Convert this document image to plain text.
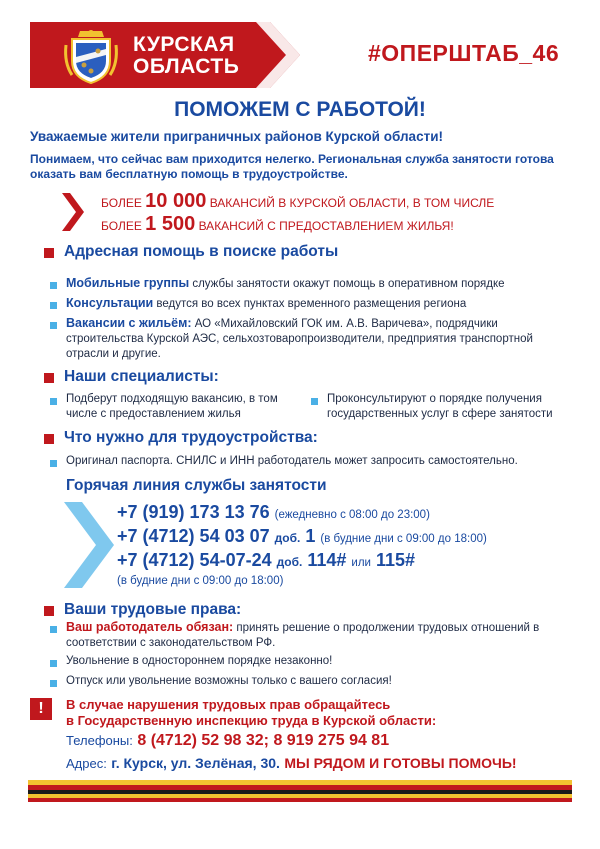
КУРСКАЯ
ОБЛАСТЬ
#ОПЕРШТАБ_46
ПОМОЖЕМ С РАБОТОЙ!
Уважаемые жители приграничных районов Курской области!
Понимаем, что сейчас вам приходится нелегко. Региональная служба занятости готова оказать вам бесплатную помощь в трудоустройстве.
БОЛЕЕ 10 000 ВАКАНСИЙ В КУРСКОЙ ОБЛАСТИ, В ТОМ ЧИСЛЕ
БОЛЕЕ 1 500 ВАКАНСИЙ С ПРЕДОСТАВЛЕНИЕМ ЖИЛЬЯ!
Адресная помощь в поиске работы
Мобильные группы службы занятости окажут помощь в оперативном порядке
Консультации ведутся во всех пунктах временного размещения региона
Вакансии с жильём: АО «Михайловский ГОК им. А.В. Варичева», подрядчики строительства Курской АЭС, сельхозтоваропроизводители, предприятия транспортной отрасли и другие.
Наши специалисты:
Подберут подходящую вакансию, в том числе с предоставлением жилья
Проконсультируют о порядке получения государственных услуг в сфере занятости
Что нужно для трудоустройства:
Оригинал паспорта. СНИЛС и ИНН работодатель может запросить самостоятельно.
Горячая линия службы занятости
+7 (919) 173 13 76 (ежедневно с 08:00 до 23:00)
+7 (4712) 54 03 07 доб. 1 (в будние дни с 09:00 до 18:00)
+7 (4712) 54-07-24 доб. 114# или 115#
(в будние дни с 09:00 до 18:00)
Ваши трудовые права:
Ваш работодатель обязан: принять решение о продолжении трудовых отношений в соответствии с законодательством РФ.
Увольнение в одностороннем порядке незаконно!
Отпуск или увольнение возможны только с вашего согласия!
!	В случае нарушения трудовых прав обращайтесь
в Государственную инспекцию труда в Курской области:
Телефоны: 8 (4712) 52 98 32; 8 919 275 94 81
Адрес: г. Курск, ул. Зелёная, 30. МЫ РЯДОМ И ГОТОВЫ ПОМОЧЬ!
